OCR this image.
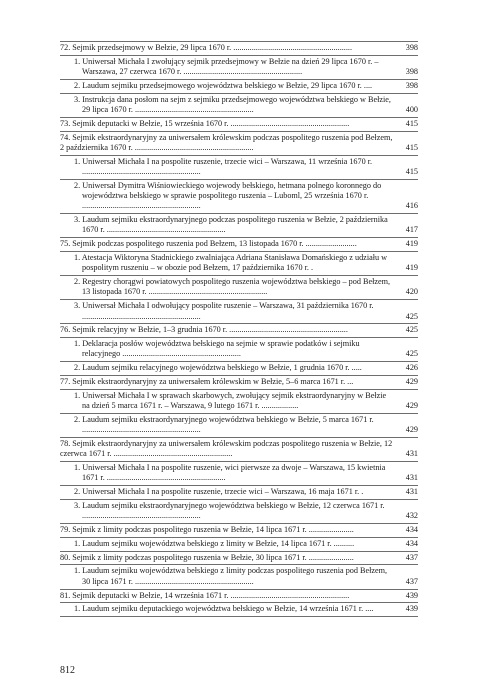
72. Sejmik przedsejmowy w Bełzie, 29 lipca 1670 r. ..........................................................	398
1. Uniwersał Michała I zwołujący sejmik przedsejmowy w Bełzie na dzień 29 lipca 1670 r. – Warszawa, 27 czerwca 1670 r. ..........................................................	398
2. Laudum sejmiku przedsejmowego województwa bełskiego w Bełzie, 29 lipca 1670 r. ....	398
3. Instrukcja dana posłom na sejm z sejmiku przedsejmowego województwa bełskiego w Bełzie, 29 lipca 1670 r. ..........................................................	400
73. Sejmik deputacki w Bełzie, 15 września 1670 r. ..........................................................	415
74. Sejmik ekstraordynaryjny za uniwersałem królewskim podczas pospolitego ruszenia pod Bełzem, 2 października 1670 r. ..........................................................	415
1. Uniwersał Michała I na pospolite ruszenie, trzecie wici – Warszawa, 11 września 1670 r. ..........................................................	415
2. Uniwersał Dymitra Wiśniowieckiego wojewody bełskiego, hetmana polnego koronnego do województwa bełskiego w sprawie pospolitego ruszenia – Luboml, 25 września 1670 r. ..........................................................	416
3. Laudum sejmiku ekstraordynaryjnego podczas pospolitego ruszenia w Bełzie, 2 października 1670 r. ..........................................................	417
75. Sejmik podczas pospolitego ruszenia pod Bełzem, 13 listopada 1670 r. .........................	419
1. Atestacja Wiktoryna Stadnickiego zwalniająca Adriana Stanisława Domańskiego z udziału w pospolitym ruszeniu – w obozie pod Bełzem, 17 października 1670 r. .	419
2. Regestry chorągwi powiatowych pospolitego ruszenia województwa bełskiego – pod Bełzem, 13 listopada 1670 r. ..........................................................	420
3. Uniwersał Michała I odwołujący pospolite ruszenie – Warszawa, 31 października 1670 r. ..........................................................	425
76. Sejmik relacyjny w Bełzie, 1–3 grudnia 1670 r. ..........................................................	425
1. Deklaracja posłów województwa bełskiego na sejmie w sprawie podatków i sejmiku relacyjnego ..........................................................	425
2. Laudum sejmiku relacyjnego województwa bełskiego w Bełzie, 1 grudnia 1670 r. .....	426
77. Sejmik ekstraordynaryjny za uniwersałem królewskim w Bełzie, 5–6 marca 1671 r. ...	429
1. Uniwersał Michała I w sprawach skarbowych, zwołujący sejmik ekstraordynaryjny w Bełzie na dzień 5 marca 1671 r. – Warszawa, 9 lutego 1671 r. ..................	429
2. Laudum sejmiku ekstraordynaryjnego województwa bełskiego w Bełzie, 5 marca 1671 r. ..........................................................	429
78. Sejmik ekstraordynaryjny za uniwersałem królewskim podczas pospolitego ruszenia w Bełzie, 12 czerwca 1671 r. ..........................................................	431
1. Uniwersał Michała I na pospolite ruszenie, wici pierwsze za dwoje – Warszawa, 15 kwietnia 1671 r. ..........................................................	431
2. Uniwersał Michała I na pospolite ruszenie, trzecie wici – Warszawa, 16 maja 1671 r. .	431
3. Laudum sejmiku ekstraordynaryjnego województwa bełskiego w Bełzie, 12 czerwca 1671 r. ..........................................................	432
79. Sejmik z limity podczas pospolitego ruszenia w Bełzie, 14 lipca 1671 r. ......................	434
1. Laudum sejmiku województwa bełskiego z limity w Bełzie, 14 lipca 1671 r. ..........	434
80. Sejmik z limity podczas pospolitego ruszenia w Bełzie, 30 lipca 1671 r. ......................	437
1. Laudum sejmiku województwa bełskiego z limity podczas pospolitego ruszenia pod Bełzem, 30 lipca 1671 r. ..........................................................	437
81. Sejmik deputacki w Bełzie, 14 września 1671 r. ..........................................................	439
1. Laudum sejmiku deputackiego województwa bełskiego w Bełzie, 14 września 1671 r. ....	439
812
